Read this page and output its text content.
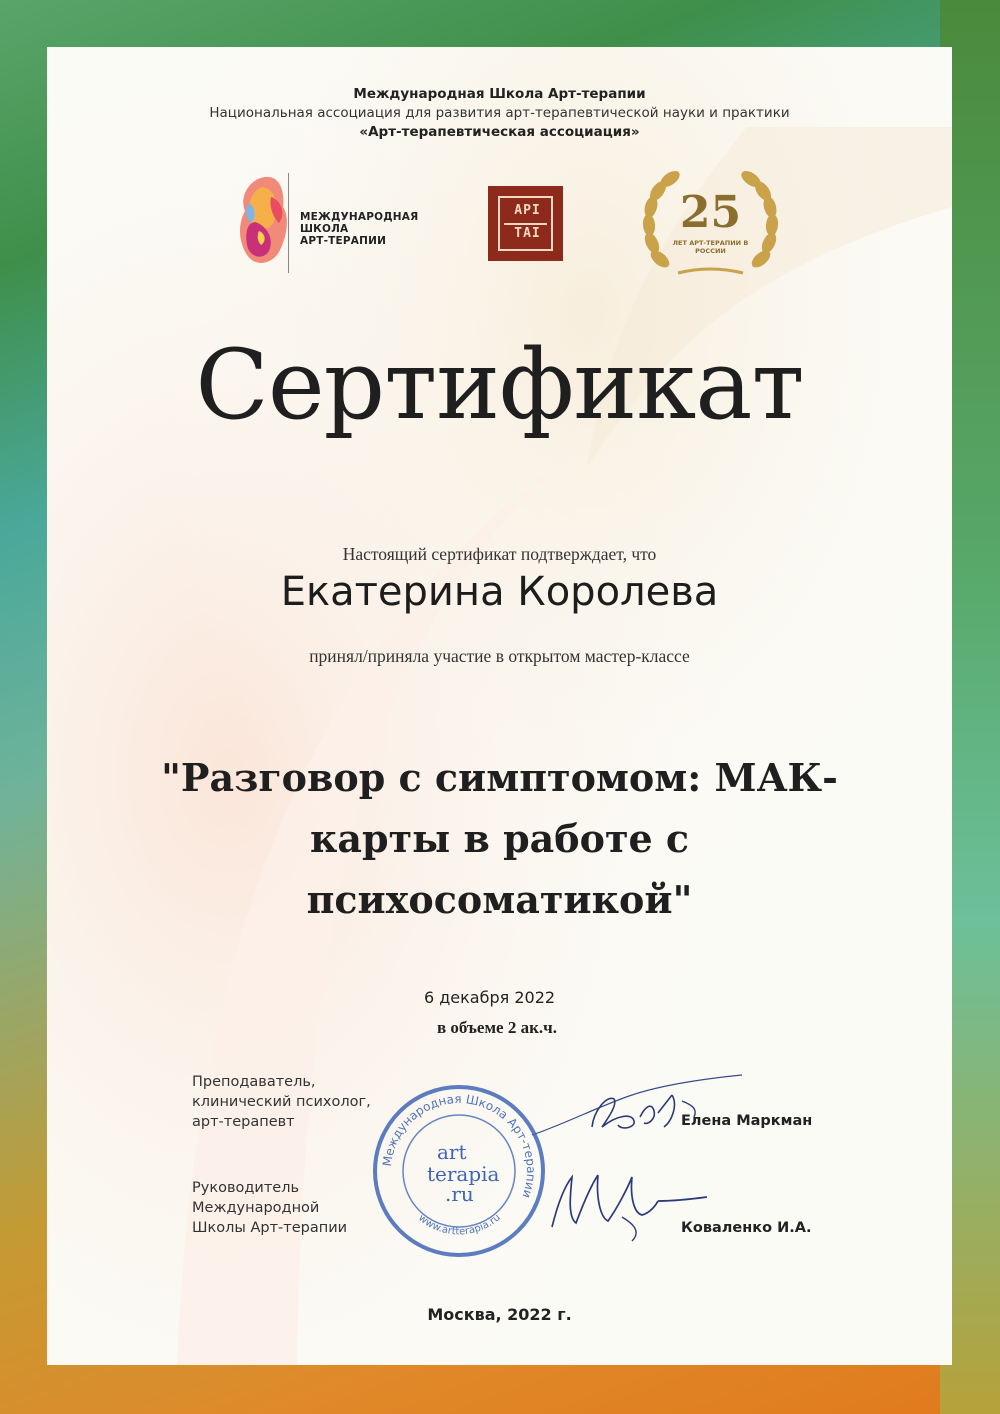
Международная Школа Арт-терапии
Национальная ассоциация для развития арт-терапевтической науки и практики
«Арт-терапевтическая ассоциация»
МЕЖДУНАРОДНАЯ
ШКОЛА
АРТ-ТЕРАПИИ
АРI
ТАI	25
ЛЕТ АРТ-ТЕРАПИИ В РОССИИ
Сертификат
Настоящий сертификат подтверждает, что
Екатерина Королева
принял/приняла участие в открытом мастер-классе
"Разговор с симптомом: МАК-карты в работе с психосоматикой"
6 декабря 2022
в объеме 2 ак.ч.
Преподаватель,
клинический психолог,
арт-терапевт
Руководитель
Международной
Школы Арт-терапии
Международная Школа Арт-терапии
www.artterapia.ru
art
terapia
.ru
Елена Маркман
Коваленко И.А.
Москва, 2022 г.
